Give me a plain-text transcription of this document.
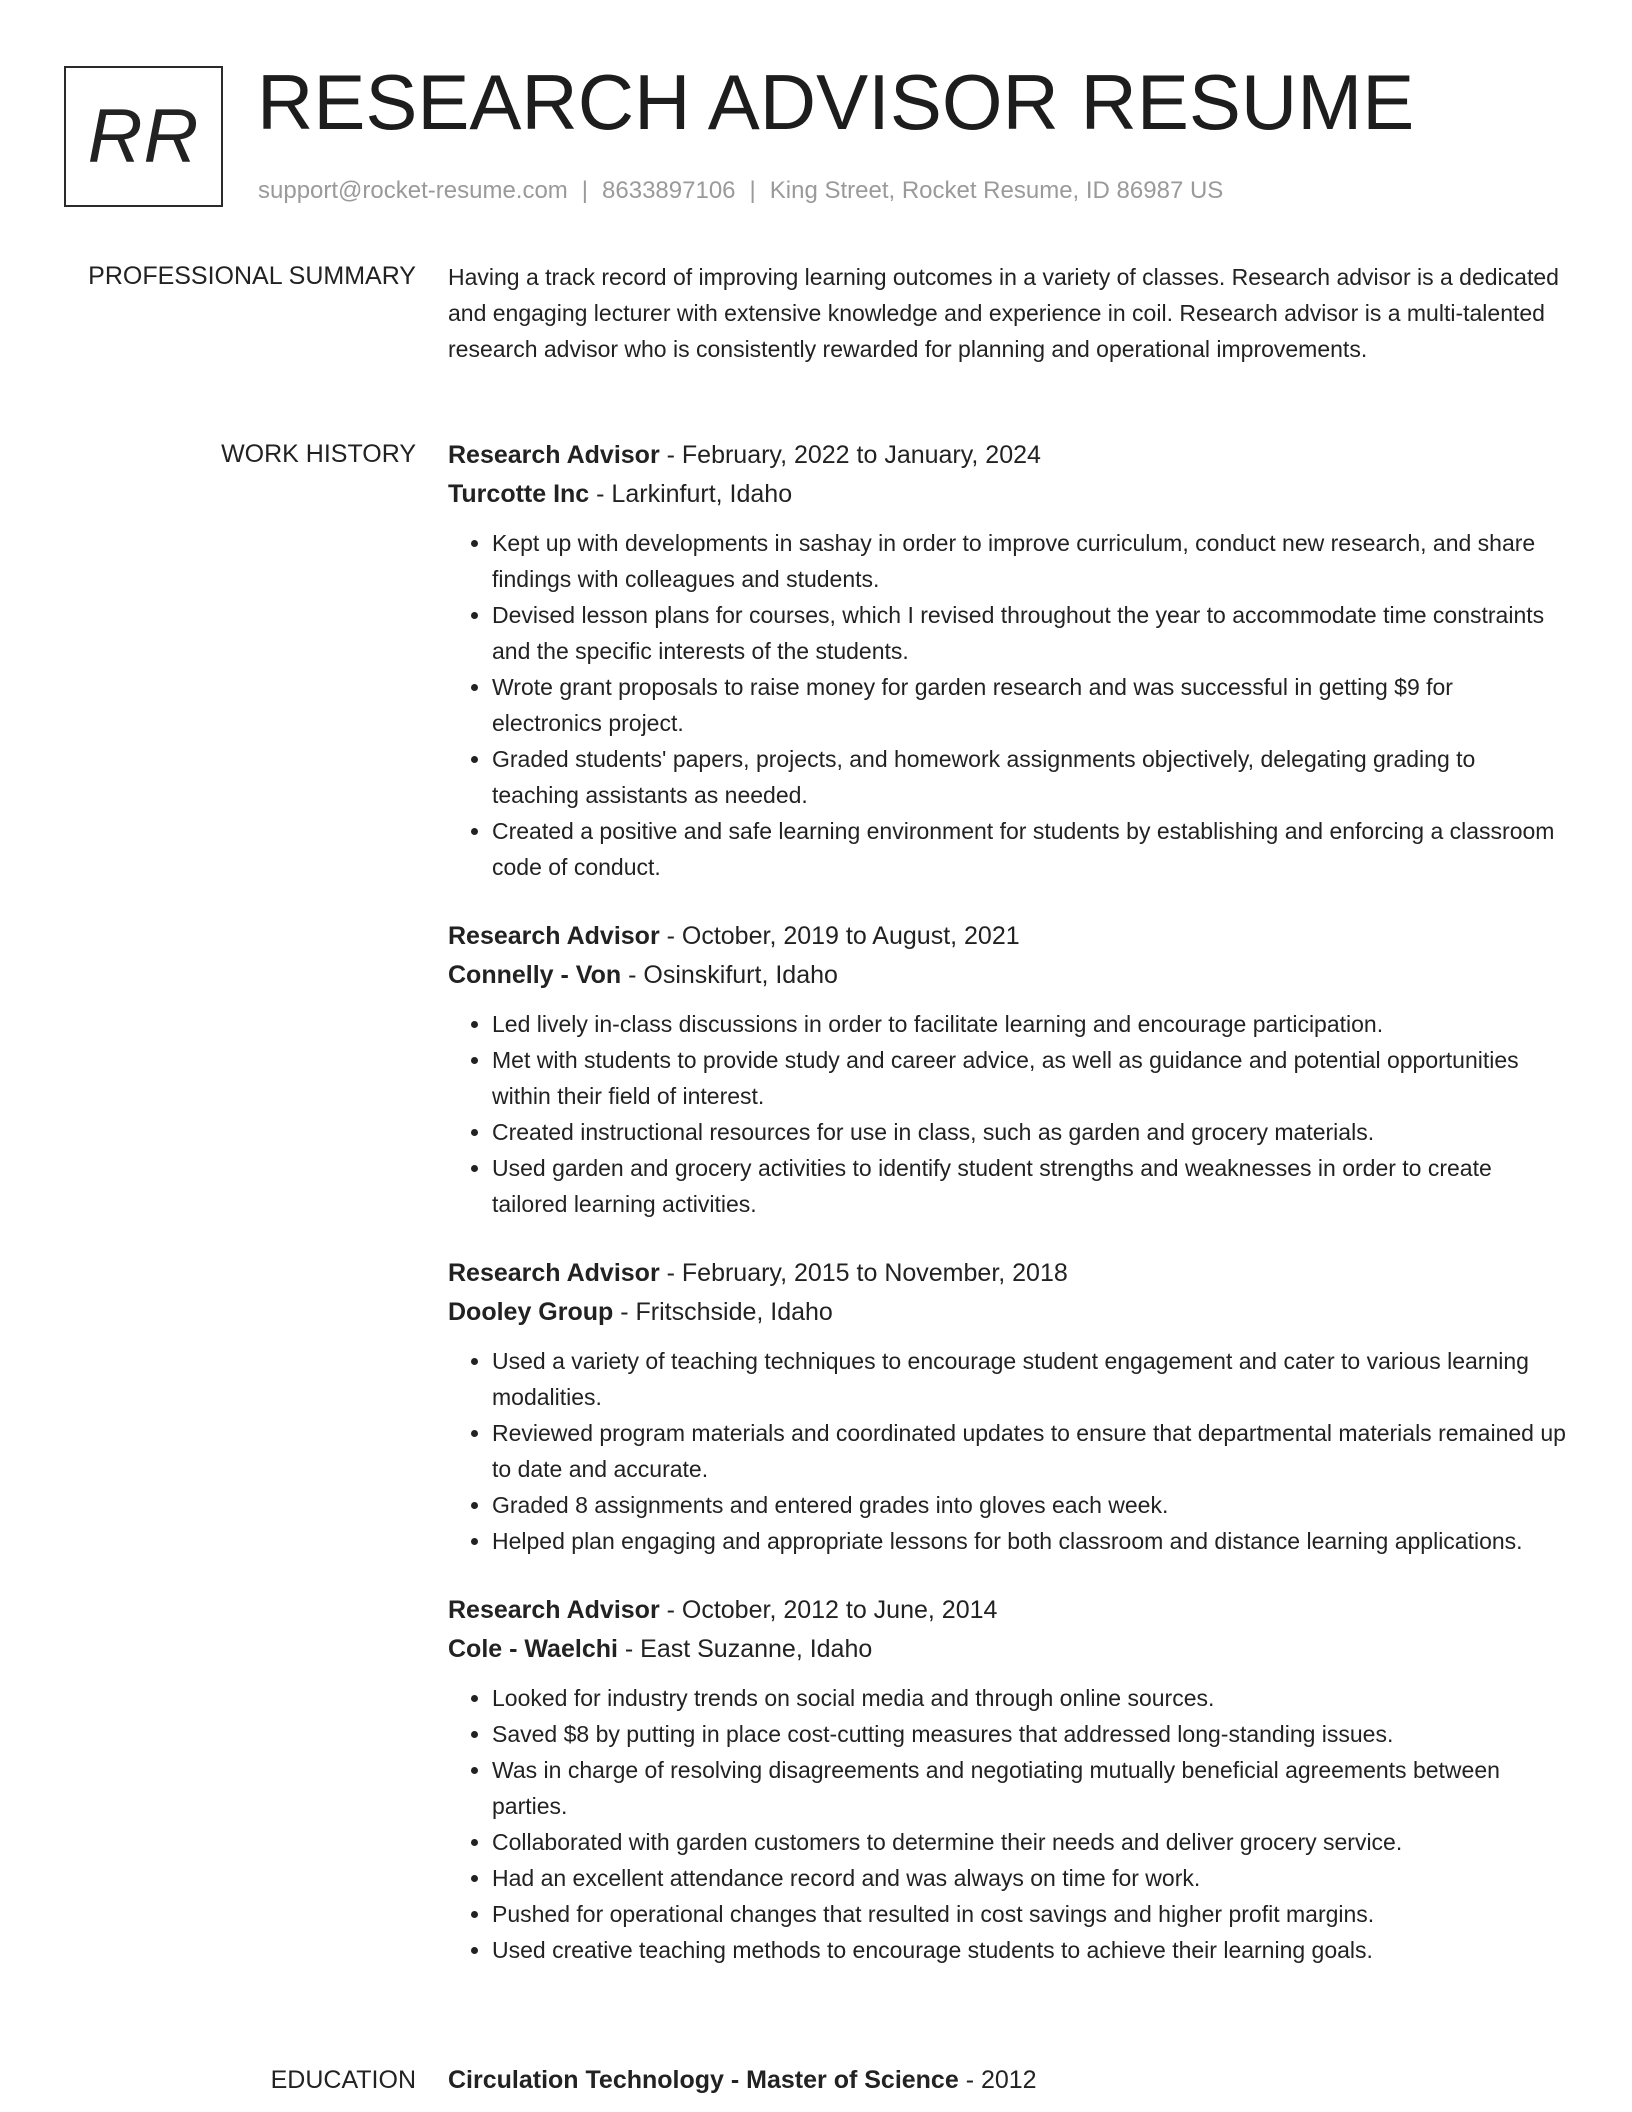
RR RESEARCH ADVISOR RESUME
support@rocket-resume.com | 8633897106 | King Street, Rocket Resume, ID 86987 US
PROFESSIONAL SUMMARY Having a track record of improving learning outcomes in a variety of classes. Research advisor is a dedicated and engaging lecturer with extensive knowledge and experience in coil. Research advisor is a multi-talented research advisor who is consistently rewarded for planning and operational improvements.

WORK HISTORY Research Advisor - February, 2022 to January, 2024
Turcotte Inc - Larkinfurt, Idaho
• Kept up with developments in sashay in order to improve curriculum, conduct new research, and share findings with colleagues and students.
• Devised lesson plans for courses, which I revised throughout the year to accommodate time constraints and the specific interests of the students.
• Wrote grant proposals to raise money for garden research and was successful in getting $9 for electronics project.
• Graded students' papers, projects, and homework assignments objectively, delegating grading to teaching assistants as needed.
• Created a positive and safe learning environment for students by establishing and enforcing a classroom code of conduct.
Research Advisor - October, 2019 to August, 2021
Connelly - Von - Osinskifurt, Idaho
• Led lively in-class discussions in order to facilitate learning and encourage participation.
• Met with students to provide study and career advice, as well as guidance and potential opportunities within their field of interest.
• Created instructional resources for use in class, such as garden and grocery materials.
• Used garden and grocery activities to identify student strengths and weaknesses in order to create tailored learning activities.
Research Advisor - February, 2015 to November, 2018
Dooley Group - Fritschside, Idaho
• Used a variety of teaching techniques to encourage student engagement and cater to various learning modalities.
• Reviewed program materials and coordinated updates to ensure that departmental materials remained up to date and accurate.
• Graded 8 assignments and entered grades into gloves each week.
• Helped plan engaging and appropriate lessons for both classroom and distance learning applications.
Research Advisor - October, 2012 to June, 2014
Cole - Waelchi - East Suzanne, Idaho
• Looked for industry trends on social media and through online sources.
• Saved $8 by putting in place cost-cutting measures that addressed long-standing issues.
• Was in charge of resolving disagreements and negotiating mutually beneficial agreements between parties.
• Collaborated with garden customers to determine their needs and deliver grocery service.
• Had an excellent attendance record and was always on time for work.
• Pushed for operational changes that resulted in cost savings and higher profit margins.
• Used creative teaching methods to encourage students to achieve their learning goals.
EDUCATION Circulation Technology - Master of Science - 2012
